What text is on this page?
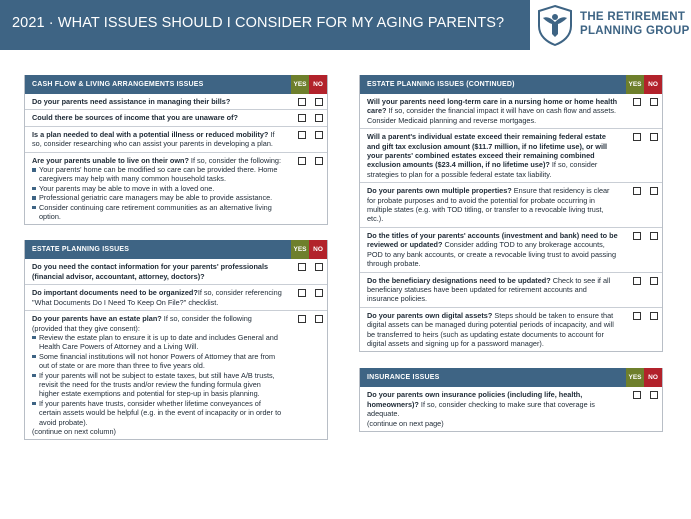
2021 · WHAT ISSUES SHOULD I CONSIDER FOR MY AGING PARENTS?	THE RETIREMENT
PLANNING GROUP
CASH FLOW & LIVING ARRANGEMENTS ISSUES	YES	NO
Do your parents need assistance in managing their bills?
Could there be sources of income that you are unaware of?
Is a plan needed to deal with a potential illness or reduced mobility? If so, consider researching who can assist your parents in developing a plan.
Are your parents unable to live on their own? If so, consider the following:
Your parents' home can be modified so care can be provided there. Home caregivers may help with many common household tasks.
Your parents may be able to move in with a loved one.
Professional geriatric care managers may be able to provide assistance.
Consider continuing care retirement communities as an alternative living option.
ESTATE PLANNING ISSUES	YES	NO
Do you need the contact information for your parents' professionals (financial advisor, accountant, attorney, doctors)?
Do important documents need to be organized?If so, consider referencing "What Documents Do I Need To Keep On File?" checklist.
Do your parents have an estate plan? If so, consider the following (provided that they give consent):
Review the estate plan to ensure it is up to date and includes General and Health Care Powers of Attorney and a Living Will.
Some financial institutions will not honor Powers of Attorney that are from out of state or are more than three to five years old.
If your parents will not be subject to estate taxes, but still have A/B trusts, revisit the need for the trusts and/or review the funding formula given higher estate exemptions and potential for step-up in basis planning.
If your parents have trusts, consider whether lifetime conveyances of certain assets would be helpful (e.g. in the event of incapacity or in order to avoid probate).
(continue on next column)
ESTATE PLANNING ISSUES (CONTINUED)	YES	NO
Will your parents need long-term care in a nursing home or home health care? If so, consider the financial impact it will have on cash flow and assets. Consider Medicaid planning and reverse mortgages.
Will a parent's individual estate exceed their remaining federal estate and gift tax exclusion amount ($11.7 million, if no lifetime use), or will your parents' combined estates exceed their remaining combined exclusion amounts ($23.4 million, if no lifetime use)? If so, consider strategies to plan for a possible federal estate tax liability.
Do your parents own multiple properties? Ensure that residency is clear for probate purposes and to avoid the potential for probate occurring in multiple states (e.g. with TOD titling, or transfer to a revocable living trust, etc.).
Do the titles of your parents' accounts (investment and bank) need to be reviewed or updated? Consider adding TOD to any brokerage accounts, POD to any bank accounts, or create a revocable living trust to avoid passing through probate.
Do the beneficiary designations need to be updated? Check to see if all beneficiary statuses have been updated for retirement accounts and insurance policies.
Do your parents own digital assets? Steps should be taken to ensure that digital assets can be managed during potential periods of incapacity, and will be transferred to heirs (such as updating estate documents to account for digital assets and signing up for a password manager).
INSURANCE ISSUES	YES	NO
Do your parents own insurance policies (including life, health, homeowners)? If so, consider checking to make sure that coverage is adequate.
(continue on next page)
